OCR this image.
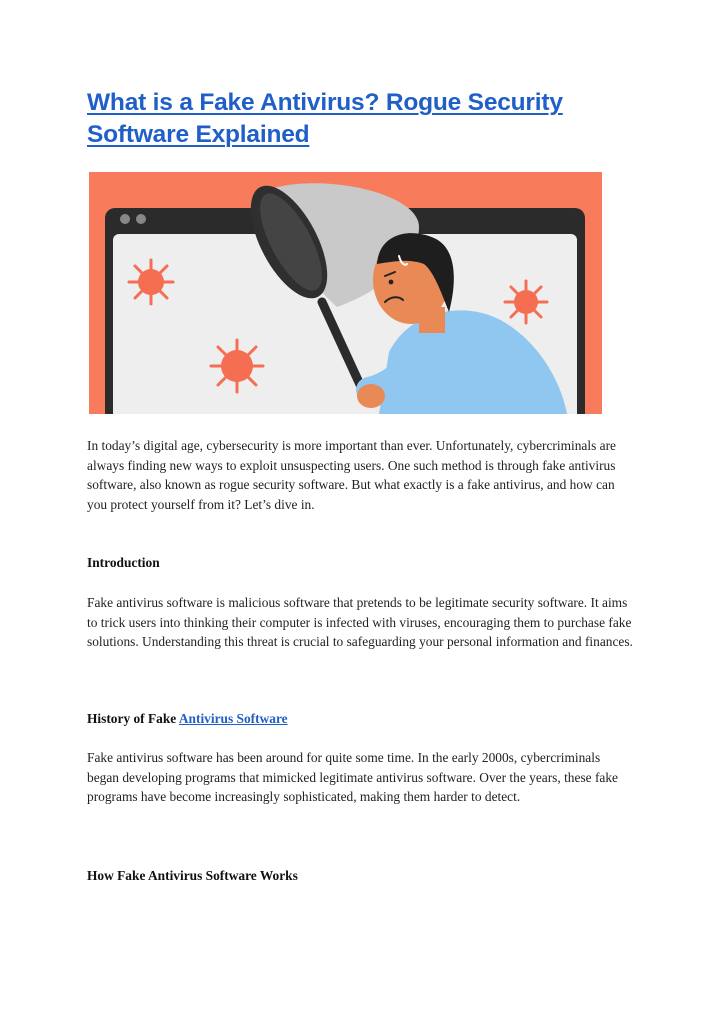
What is a Fake Antivirus? Rogue Security Software Explained

In today’s digital age, cybersecurity is more important than ever. Unfortunately, cybercriminals are always finding new ways to exploit unsuspecting users. One such method is through fake antivirus software, also known as rogue security software. But what exactly is a fake antivirus, and how can you protect yourself from it? Let’s dive in.

Introduction

Fake antivirus software is malicious software that pretends to be legitimate security software. It aims to trick users into thinking their computer is infected with viruses, encouraging them to purchase fake solutions. Understanding this threat is crucial to safeguarding your personal information and finances.

History of Fake Antivirus Software

Fake antivirus software has been around for quite some time. In the early 2000s, cybercriminals began developing programs that mimicked legitimate antivirus software. Over the years, these fake programs have become increasingly sophisticated, making them harder to detect.

How Fake Antivirus Software Works
